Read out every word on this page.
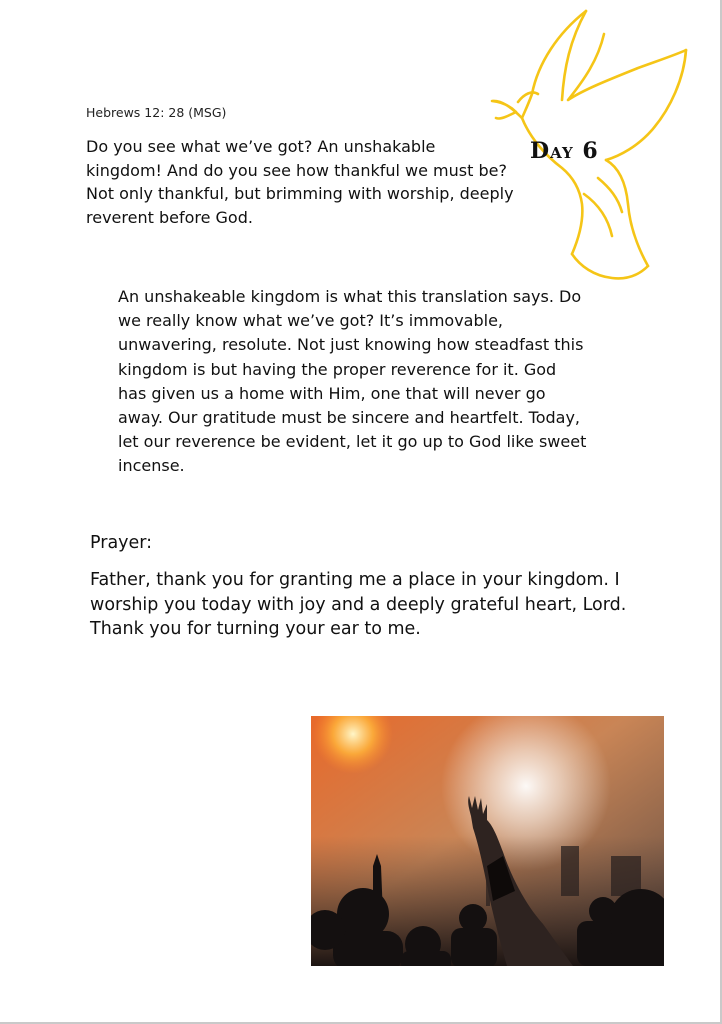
Hebrews 12: 28 (MSG)
Do you see what we’ve got? An unshakable kingdom! And do you see how thankful we must be? Not only thankful, but brimming with worship, deeply reverent before God.
Day 6
An unshakeable kingdom is what this translation says. Do we really know what we’ve got? It’s immovable, unwavering, resolute. Not just knowing how steadfast this kingdom is but having the proper reverence for it. God has given us a home with Him, one that will never go away. Our gratitude must be sincere and heartfelt. Today, let our reverence be evident, let it go up to God like sweet incense.
Prayer:
Father, thank you for granting me a place in your kingdom. I worship you today with joy and a deeply grateful heart, Lord. Thank you for turning your ear to me.
